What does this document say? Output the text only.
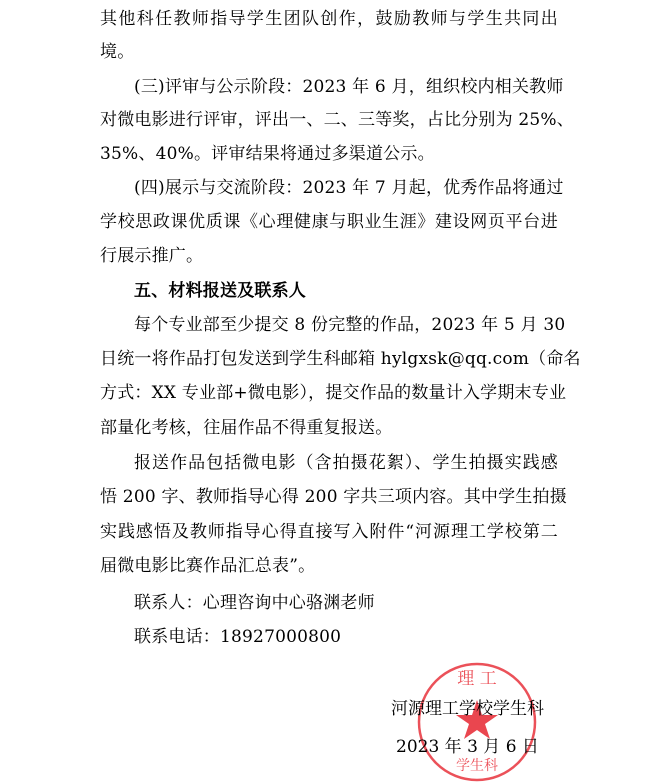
其他科任教师指导学生团队创作，鼓励教师与学生共同出
境。
(三)评审与公示阶段：2023 年 6 月，组织校内相关教师
对微电影进行评审，评出一、二、三等奖，占比分别为 25%、
35%、40%。评审结果将通过多渠道公示。
(四)展示与交流阶段：2023 年 7 月起，优秀作品将通过
学校思政课优质课《心理健康与职业生涯》建设网页平台进
行展示推广。
五、材料报送及联系人
每个专业部至少提交 8 份完整的作品，2023 年 5 月 30
日统一将作品打包发送到学生科邮箱 hylgxsk@qq.com（命名
方式：XX 专业部+微电影），提交作品的数量计入学期末专业
部量化考核，往届作品不得重复报送。
报送作品包括微电影（含拍摄花絮）、学生拍摄实践感
悟 200 字、教师指导心得 200 字共三项内容。其中学生拍摄
实践感悟及教师指导心得直接写入附件“河源理工学校第二
届微电影比赛作品汇总表”。
联系人：心理咨询中心骆渊老师
联系电话：18927000800
理 工
学生科
河源理工学校学生科
2023 年 3 月 6 日
